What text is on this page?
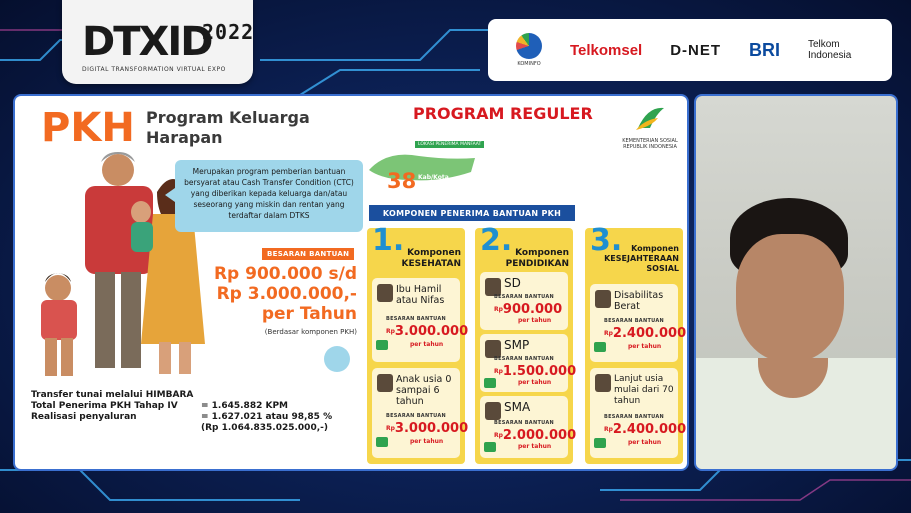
DTXID
2022
DIGITAL TRANSFORMATION VIRTUAL EXPO
KOMINFO
Telkomsel D-NET BRI	Telkom Indonesia
PKH Program Keluarga Harapan
Merupakan program pemberian bantuan bersyarat atau Cash Transfer Condition (CTC) yang diberikan kepada keluarga dan/atau seseorang yang miskin dan rentan yang terdaftar dalam DTKS
BESARAN BANTUAN
Rp 900.000 s/d Rp 3.000.000,- per Tahun
(Berdasar komponen PKH)
Transfer tunai melalui HIMBARA
Total Penerima PKH Tahap IV	= 1.645.882 KPM
Realisasi penyaluran	= 1.627.021 atau 98,85 %
(Rp 1.064.835.025.000,-)
PROGRAM REGULER
KEMENTERIAN SOSIAL REPUBLIK INDONESIA
LOKASI PENERIMA MANFAAT
38 Kab/Kota Jawa Timur
KOMPONEN PENERIMA BANTUAN PKH
1. Komponen KESEHATAN
Ibu Hamil atau Nifas
BESARAN BANTUAN
$^{Rp}$3.000.000
per tahun
Anak usia 0 sampai 6 tahun
BESARAN BANTUAN
$^{Rp}$3.000.000
per tahun
2. Komponen PENDIDIKAN
SD
BESARAN BANTUAN
$^{Rp}$900.000
per tahun
SMP
BESARAN BANTUAN
$^{Rp}$1.500.000
per tahun
SMA
BESARAN BANTUAN
$^{Rp}$2.000.000
per tahun
3.	Komponen KESEJAHTERAAN SOSIAL
Disabilitas Berat
BESARAN BANTUAN
$^{Rp}$2.400.000
per tahun
Lanjut usia mulai dari 70 tahun
BESARAN BANTUAN
$^{Rp}$2.400.000
per tahun
